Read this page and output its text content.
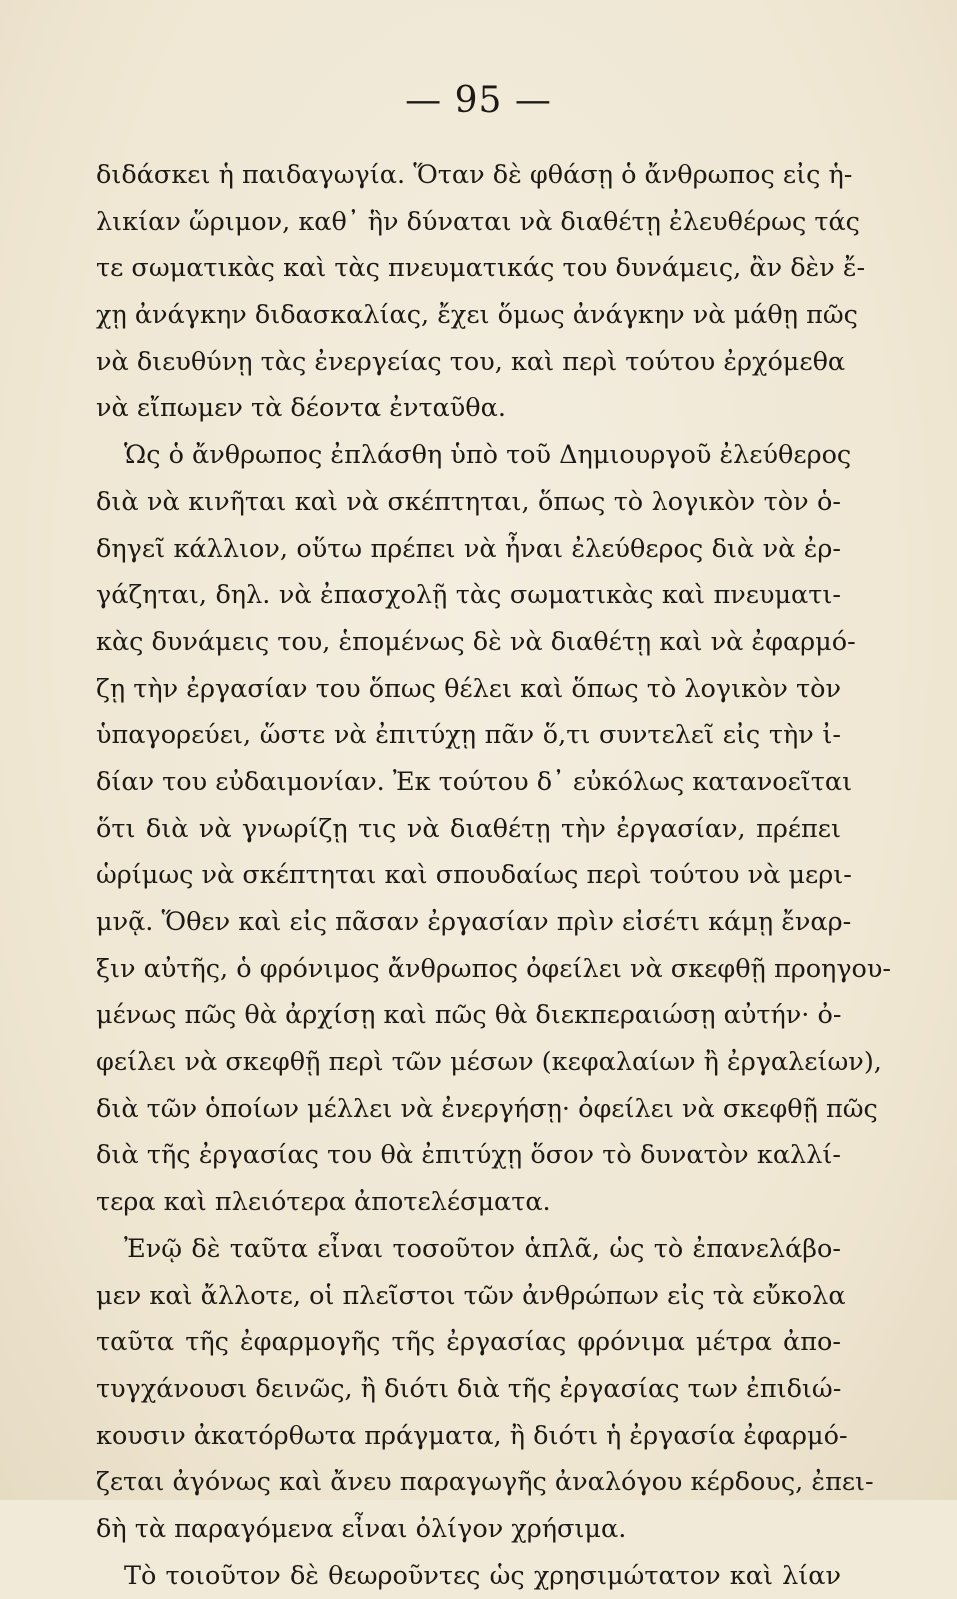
— 95 —
διδάσκει ἡ παιδαγωγία. Ὅταν δὲ φθάσῃ ὁ ἄνθρωπος εἰς ἡ-
λικίαν ὥριμον, καθ᾽ ἣν δύναται νὰ διαθέτῃ ἐλευθέρως τάς
τε σωματικὰς καὶ τὰς πνευματικάς του δυνάμεις, ἂν δὲν ἔ-
χῃ ἀνάγκην διδασκαλίας, ἔχει ὅμως ἀνάγκην νὰ μάθῃ πῶς
νὰ διευθύνῃ τὰς ἐνεργείας του, καὶ περὶ τούτου ἐρχόμεθα
νὰ εἴπωμεν τὰ δέοντα ἐνταῦθα.
Ὡς ὁ ἄνθρωπος ἐπλάσθη ὑπὸ τοῦ Δημιουργοῦ ἐλεύθερος
διὰ νὰ κινῆται καὶ νὰ σκέπτηται, ὅπως τὸ λογικὸν τὸν ὁ-
δηγεῖ κάλλιον, οὕτω πρέπει νὰ ἦναι ἐλεύθερος διὰ νὰ ἐρ-
γάζηται, δηλ. νὰ ἐπασχολῇ τὰς σωματικὰς καὶ πνευματι-
κὰς δυνάμεις του, ἑπομένως δὲ νὰ διαθέτῃ καὶ νὰ ἐφαρμό-
ζῃ τὴν ἐργασίαν του ὅπως θέλει καὶ ὅπως τὸ λογικὸν τὸν
ὑπαγορεύει, ὥστε νὰ ἐπιτύχῃ πᾶν ὅ,τι συντελεῖ εἰς τὴν ἰ-
δίαν του εὐδαιμονίαν. Ἐκ τούτου δ᾽ εὐκόλως κατανοεῖται
ὅτι διὰ νὰ γνωρίζῃ τις νὰ διαθέτῃ τὴν ἐργασίαν, πρέπει
ὡρίμως νὰ σκέπτηται καὶ σπουδαίως περὶ τούτου νὰ μερι-
μνᾷ. Ὅθεν καὶ εἰς πᾶσαν ἐργασίαν πρὶν εἰσέτι κάμῃ ἔναρ-
ξιν αὐτῆς, ὁ φρόνιμος ἄνθρωπος ὀφείλει νὰ σκεφθῇ προηγου-
μένως πῶς θὰ ἀρχίσῃ καὶ πῶς θὰ διεκπεραιώσῃ αὐτήν· ὀ-
φείλει νὰ σκεφθῇ περὶ τῶν μέσων (κεφαλαίων ἢ ἐργαλείων),
διὰ τῶν ὁποίων μέλλει νὰ ἐνεργήσῃ· ὀφείλει νὰ σκεφθῇ πῶς
διὰ τῆς ἐργασίας του θὰ ἐπιτύχῃ ὅσον τὸ δυνατὸν καλλί-
τερα καὶ πλειότερα ἀποτελέσματα.
Ἐνῷ δὲ ταῦτα εἶναι τοσοῦτον ἁπλᾶ, ὡς τὸ ἐπανελάβο-
μεν καὶ ἄλλοτε, οἱ πλεῖστοι τῶν ἀνθρώπων εἰς τὰ εὔκολα
ταῦτα τῆς ἐφαρμογῆς τῆς ἐργασίας φρόνιμα μέτρα ἀπο-
τυγχάνουσι δεινῶς, ἢ διότι διὰ τῆς ἐργασίας των ἐπιδιώ-
κουσιν ἀκατόρθωτα πράγματα, ἢ διότι ἡ ἐργασία ἐφαρμό-
ζεται ἀγόνως καὶ ἄνευ παραγωγῆς ἀναλόγου κέρδους, ἐπει-
δὴ τὰ παραγόμενα εἶναι ὀλίγον χρήσιμα.
Τὸ τοιοῦτον δὲ θεωροῦντες ὡς χρησιμώτατον καὶ λίαν
